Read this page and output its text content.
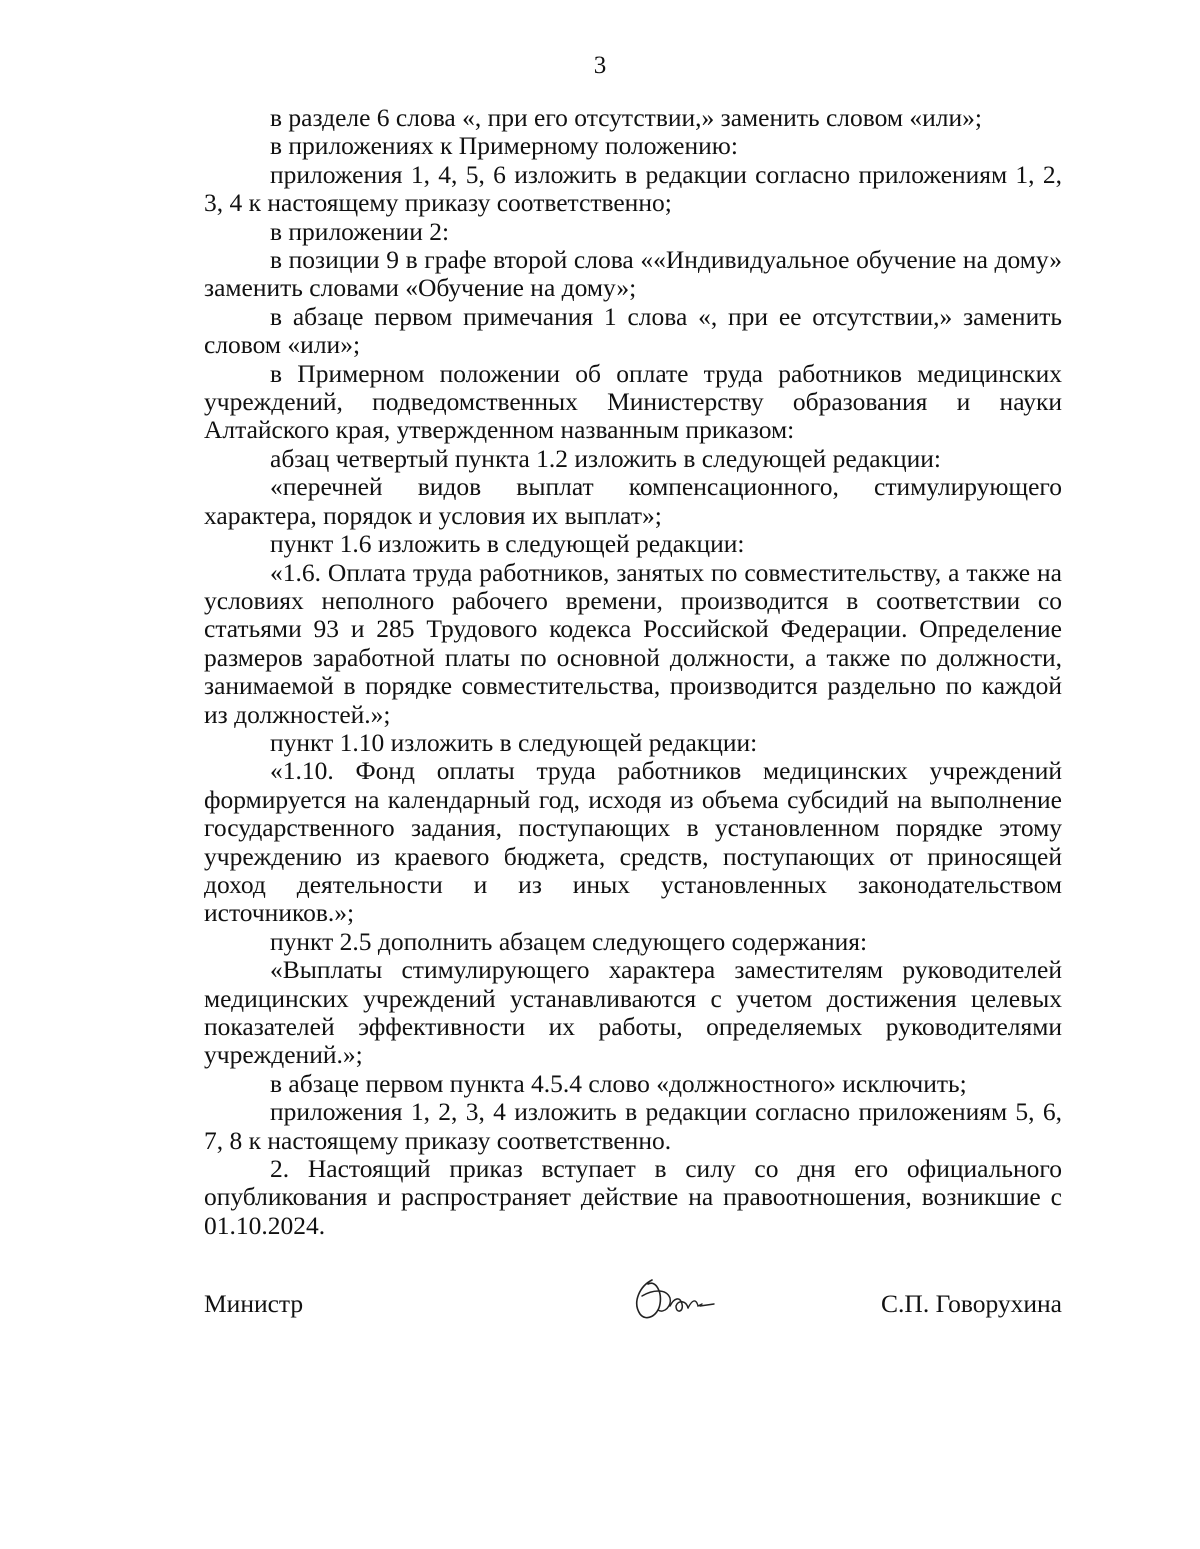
3

в разделе 6 слова «, при его отсутствии,» заменить словом «или»;

в приложениях к Примерному положению:

приложения 1, 4, 5, 6 изложить в редакции согласно приложениям 1, 2, 3, 4 к настоящему приказу соответственно;

в приложении 2:

в позиции 9 в графе второй слова ««Индивидуальное обучение на дому» заменить словами «Обучение на дому»;

в абзаце первом примечания 1 слова «, при ее отсутствии,» заменить словом «или»;

в Примерном положении об оплате труда работников медицинских учреждений, подведомственных Министерству образования и науки Алтайского края, утвержденном названным приказом:

абзац четвертый пункта 1.2 изложить в следующей редакции:

«перечней видов выплат компенсационного, стимулирующего характера, порядок и условия их выплат»;

пункт 1.6 изложить в следующей редакции:

«1.6. Оплата труда работников, занятых по совместительству, а также на условиях неполного рабочего времени, производится в соответствии со статьями 93 и 285 Трудового кодекса Российской Федерации. Определение размеров заработной платы по основной должности, а также по должности, занимаемой в порядке совместительства, производится раздельно по каждой из должностей.»;

пункт 1.10 изложить в следующей редакции:

«1.10. Фонд оплаты труда работников медицинских учреждений формируется на календарный год, исходя из объема субсидий на выполнение государственного задания, поступающих в установленном порядке этому учреждению из краевого бюджета, средств, поступающих от приносящей доход деятельности и из иных установленных законодательством источников.»;

пункт 2.5 дополнить абзацем следующего содержания:

«Выплаты стимулирующего характера заместителям руководителей медицинских учреждений устанавливаются с учетом достижения целевых показателей эффективности их работы, определяемых руководителями учреждений.»;

в абзаце первом пункта 4.5.4 слово «должностного» исключить;

приложения 1, 2, 3, 4 изложить в редакции согласно приложениям 5, 6, 7, 8 к настоящему приказу соответственно.

2. Настоящий приказ вступает в силу со дня его официального опубликования и распространяет действие на правоотношения, возникшие с 01.10.2024.

Министр	С.П. Говорухина
